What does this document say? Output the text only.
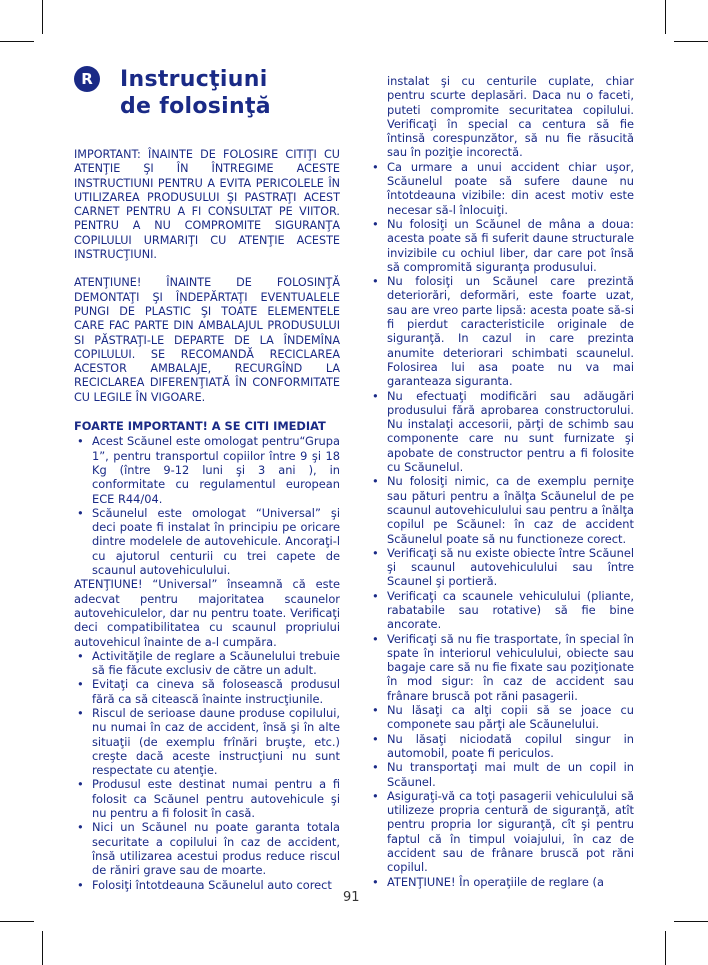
R	Instrucţiuni
de folosinţă

IMPORTANT: ÎNAINTE DE FOLOSIRE CITIŢI CU ATENŢIE ŞI ÎN ÎNTREGIME ACESTE INSTRUCTIUNI PENTRU A EVITA PERICOLELE ÎN UTILIZAREA PRODUSULUI ŞI PASTRAŢI ACEST CARNET PENTRU A FI CONSULTAT PE VIITOR. PENTRU A NU COMPROMITE SIGURANŢA COPILULUI URMARIŢI CU ATENŢIE ACESTE INSTRUCŢIUNI.

ATENŢIUNE! ÎNAINTE DE FOLOSINŢĂ DEMONTAŢI ŞI ÎNDEPĂRTAŢI EVENTUALELE PUNGI DE PLASTIC ŞI TOATE ELEMENTELE CARE FAC PARTE DIN AMBALAJUL PRODUSULUI SI PĂSTRAŢI-LE DEPARTE DE LA ÎNDEMÎNA COPILULUI. SE RECOMANDĂ RECICLAREA ACESTOR AMBALAJE, RECURGÎND LA RECICLAREA DIFERENŢIATĂ ÎN CONFORMITATE CU LEGILE ÎN VIGOARE.

FOARTE IMPORTANT! A SE CITI IMEDIAT

• Acest Scăunel este omologat pentru“Grupa 1”, pentru transportul copiilor între 9 şi 18 Kg (între 9-12 luni şi 3 ani ), in conformitate cu regulamentul european ECE R44/04.
• Scăunelul este omologat “Universal” şi deci poate fi instalat în principiu pe oricare dintre modelele de autovehicule. Ancoraţi-l cu ajutorul centurii cu trei capete de scaunul autovehiculului.

ATENŢIUNE! “Universal” înseamnă că este adecvat pentru majoritatea scaunelor autovehiculelor, dar nu pentru toate. Verificaţi deci compatibilitatea cu scaunul propriului autovehicul înainte de a-l cumpăra.

• Activităţile de reglare a Scăunelului trebuie să fie făcute exclusiv de către un adult.
• Evitaţi ca cineva să folosească produsul fără ca să citească înainte instrucţiunile.
• Riscul de serioase daune produse copilului, nu numai în caz de accident, însă şi în alte situaţii (de exemplu frînări bruşte, etc.) creşte dacă aceste instrucţiuni nu sunt respectate cu atenţie.
• Produsul este destinat numai pentru a fi folosit ca Scăunel pentru autovehicule şi nu pentru a fi folosit în casă.
• Nici un Scăunel nu poate garanta totala securitate a copilului în caz de accident, însă utilizarea acestui produs reduce riscul de răniri grave sau de moarte.
• Folosiţi întotdeauna Scăunelul auto corect

instalat şi cu centurile cuplate, chiar pentru scurte deplasări. Daca nu o faceti, puteti compromite securitatea copilului. Verificaţi în special ca centura să fie întinsă corespunzător, să nu fie răsucită sau în poziţie incorectă.

• Ca urmare a unui accident chiar uşor, Scăunelul poate să sufere daune nu întotdeauna vizibile: din acest motiv este necesar să-l înlocuiţi.
• Nu folosiţi un Scăunel de mâna a doua: acesta poate să fi suferit daune structurale invizibile cu ochiul liber, dar care pot însă să compromită siguranţa produsului.
• Nu folosiţi un Scăunel care prezintă deteriorări, deformări, este foarte uzat, sau are vreo parte lipsă: acesta poate să-si fi pierdut caracteristicile originale de siguranţă. In cazul in care prezinta anumite deteriorari schimbati scaunelul. Folosirea lui asa poate nu va mai garanteaza siguranta.
• Nu efectuaţi modificări sau adăugări produsului fără aprobarea constructorului. Nu instalaţi accesorii, părţi de schimb sau componente care nu sunt furnizate şi apobate de constructor pentru a fi folosite cu Scăunelul.
• Nu folosiţi nimic, ca de exemplu perniţe sau pături pentru a înălţa Scăunelul de pe scaunul autovehiculului sau pentru a înălţa copilul pe Scăunel: în caz de accident Scăunelul poate să nu functioneze corect.
• Verificaţi să nu existe obiecte între Scăunel şi scaunul autovehiculului sau între Scaunel şi portieră.
• Verificaţi ca scaunele vehiculului (pliante, rabatabile sau rotative) să fie bine ancorate.
• Verificaţi să nu fie trasportate, în special în spate în interiorul vehiculului, obiecte sau bagaje care să nu fie fixate sau poziţionate în mod sigur: în caz de accident sau frânare bruscă pot răni pasagerii.
• Nu lăsaţi ca alţi copii să se joace cu componete sau părţi ale Scăunelului.
• Nu lăsaţi niciodată copilul singur in automobil, poate fi periculos.
• Nu transportaţi mai mult de un copil in Scăunel.
• Asiguraţi-vă ca toţi pasagerii vehiculului să utilizeze propria centură de siguranţă, atît pentru propria lor siguranţă, cît şi pentru faptul că în timpul voiajului, în caz de accident sau de frânare bruscă pot răni copilul.
• ATENŢIUNE! În operaţiile de reglare (a
91
